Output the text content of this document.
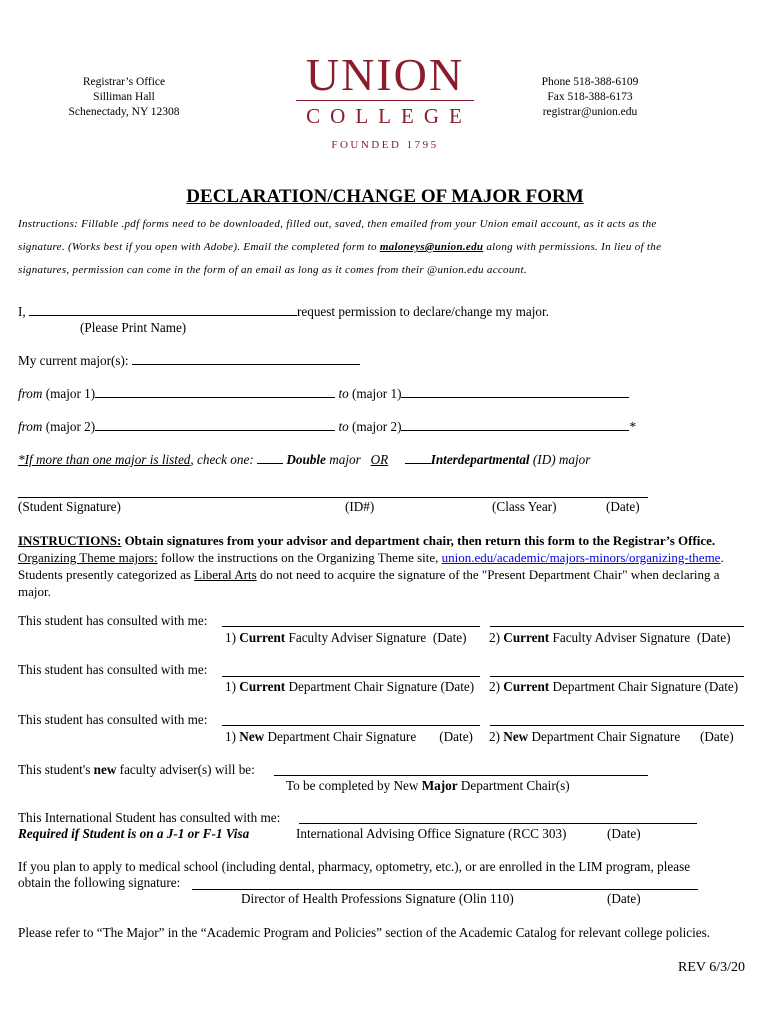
Registrar’s Office
Silliman Hall
Schenectady, NY 12308
UNION
COLLEGE
FOUNDED 1795
Phone 518-388-6109
Fax 518-388-6173
registrar@union.edu
DECLARATION/CHANGE OF MAJOR FORM
Instructions: Fillable .pdf forms need to be downloaded, filled out, saved, then emailed from your Union email account, as it acts as the
signature. (Works best if you open with Adobe). Email the completed form to maloneys@union.edu along with permissions. In lieu of the
signatures, permission can come in the form of an email as long as it comes from their @union.edu account.
I,	request permission to declare/change my major.
(Please Print Name)
My current major(s):
from (major 1)	to (major 1)
from (major 2)	to (major 2)	*
*If more than one major is listed, check one:  Double major OR	Interdepartmental (ID) major
(Student Signature)	(ID#)	(Class Year)	(Date)
INSTRUCTIONS: Obtain signatures from your advisor and department chair, then return this form to the Registrar’s Office. Organizing Theme majors: follow the instructions on the Organizing Theme site, union.edu/academic/majors-minors/organizing-theme. Students presently categorized as Liberal Arts do not need to acquire the signature of the "Present Department Chair" when declaring a major.
This student has consulted with me:
1) Current Faculty Adviser Signature (Date) 2) Current Faculty Adviser Signature (Date)
This student has consulted with me:
1) Current Department Chair Signature (Date) 2) Current Department Chair Signature (Date)
This student has consulted with me:
1) New Department Chair Signature (Date) 2) New Department Chair Signature (Date)
This student's new faculty adviser(s) will be:
To be completed by New Major Department Chair(s)
This International Student has consulted with me:
Required if Student is on a J-1 or F-1 Visa	International Advising Office Signature (RCC 303)	(Date)
If you plan to apply to medical school (including dental, pharmacy, optometry, etc.), or are enrolled in the LIM program, please
obtain the following signature:
Director of Health Professions Signature (Olin 110)	(Date)
Please refer to “The Major” in the “Academic Program and Policies” section of the Academic Catalog for relevant college policies.
REV 6/3/20
